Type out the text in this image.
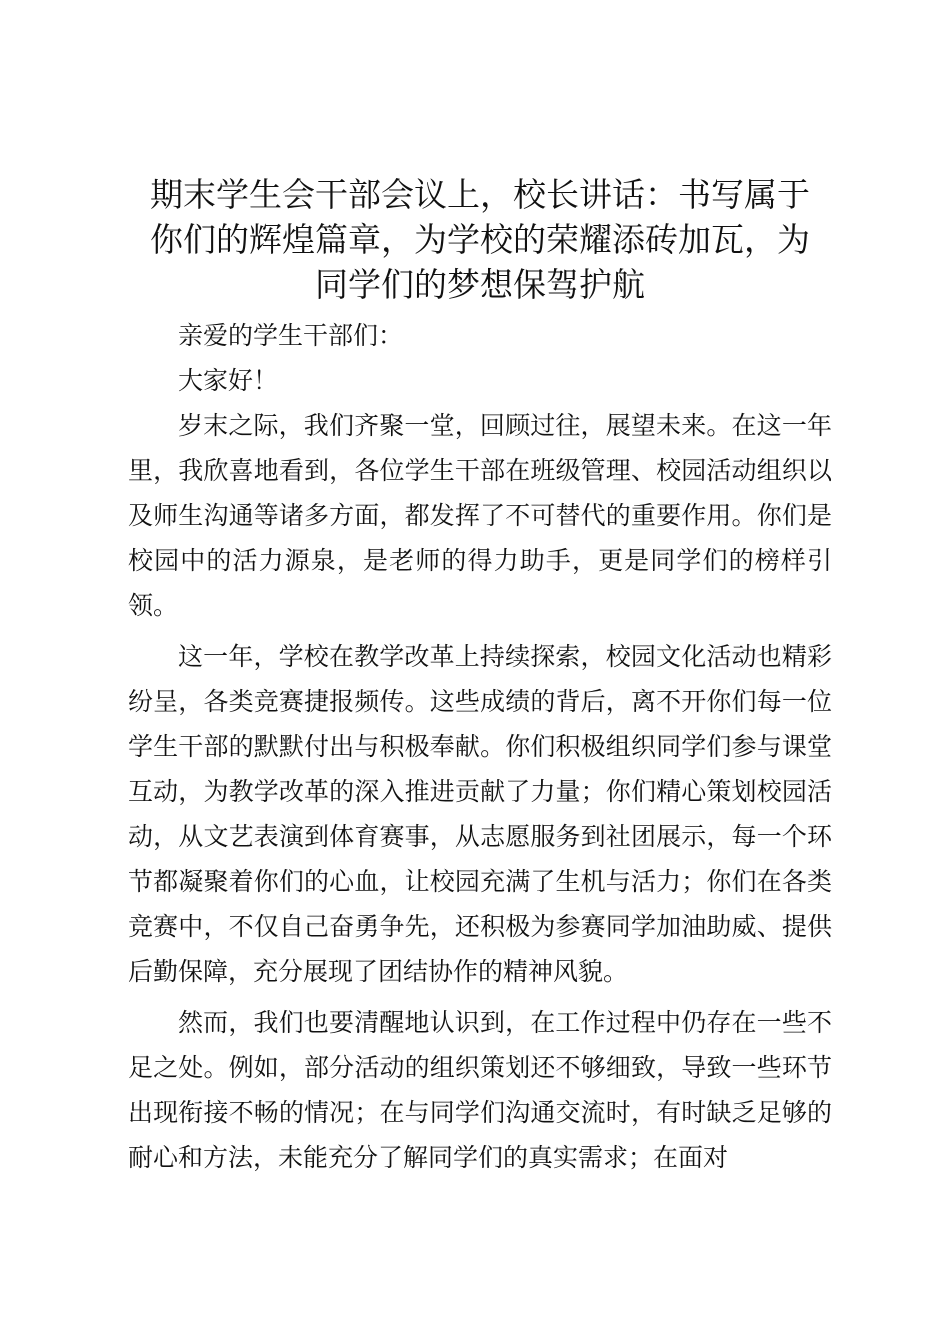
期末学生会干部会议上，校长讲话：书写属于
你们的辉煌篇章，为学校的荣耀添砖加瓦，为
同学们的梦想保驾护航

亲爱的学生干部们：

大家好！

岁末之际，我们齐聚一堂，回顾过往，展望未来。在这一年里，我欣喜地看到，各位学生干部在班级管理、校园活动组织以及师生沟通等诸多方面，都发挥了不可替代的重要作用。你们是校园中的活力源泉，是老师的得力助手，更是同学们的榜样引领。

这一年，学校在教学改革上持续探索，校园文化活动也精彩纷呈，各类竞赛捷报频传。这些成绩的背后，离不开你们每一位学生干部的默默付出与积极奉献。你们积极组织同学们参与课堂互动，为教学改革的深入推进贡献了力量；你们精心策划校园活动，从文艺表演到体育赛事，从志愿服务到社团展示，每一个环节都凝聚着你们的心血，让校园充满了生机与活力；你们在各类竞赛中，不仅自己奋勇争先，还积极为参赛同学加油助威、提供后勤保障，充分展现了团结协作的精神风貌。

然而，我们也要清醒地认识到，在工作过程中仍存在一些不足之处。例如，部分活动的组织策划还不够细致，导致一些环节出现衔接不畅的情况；在与同学们沟通交流时，有时缺乏足够的耐心和方法，未能充分了解同学们的真实需求；在面对
